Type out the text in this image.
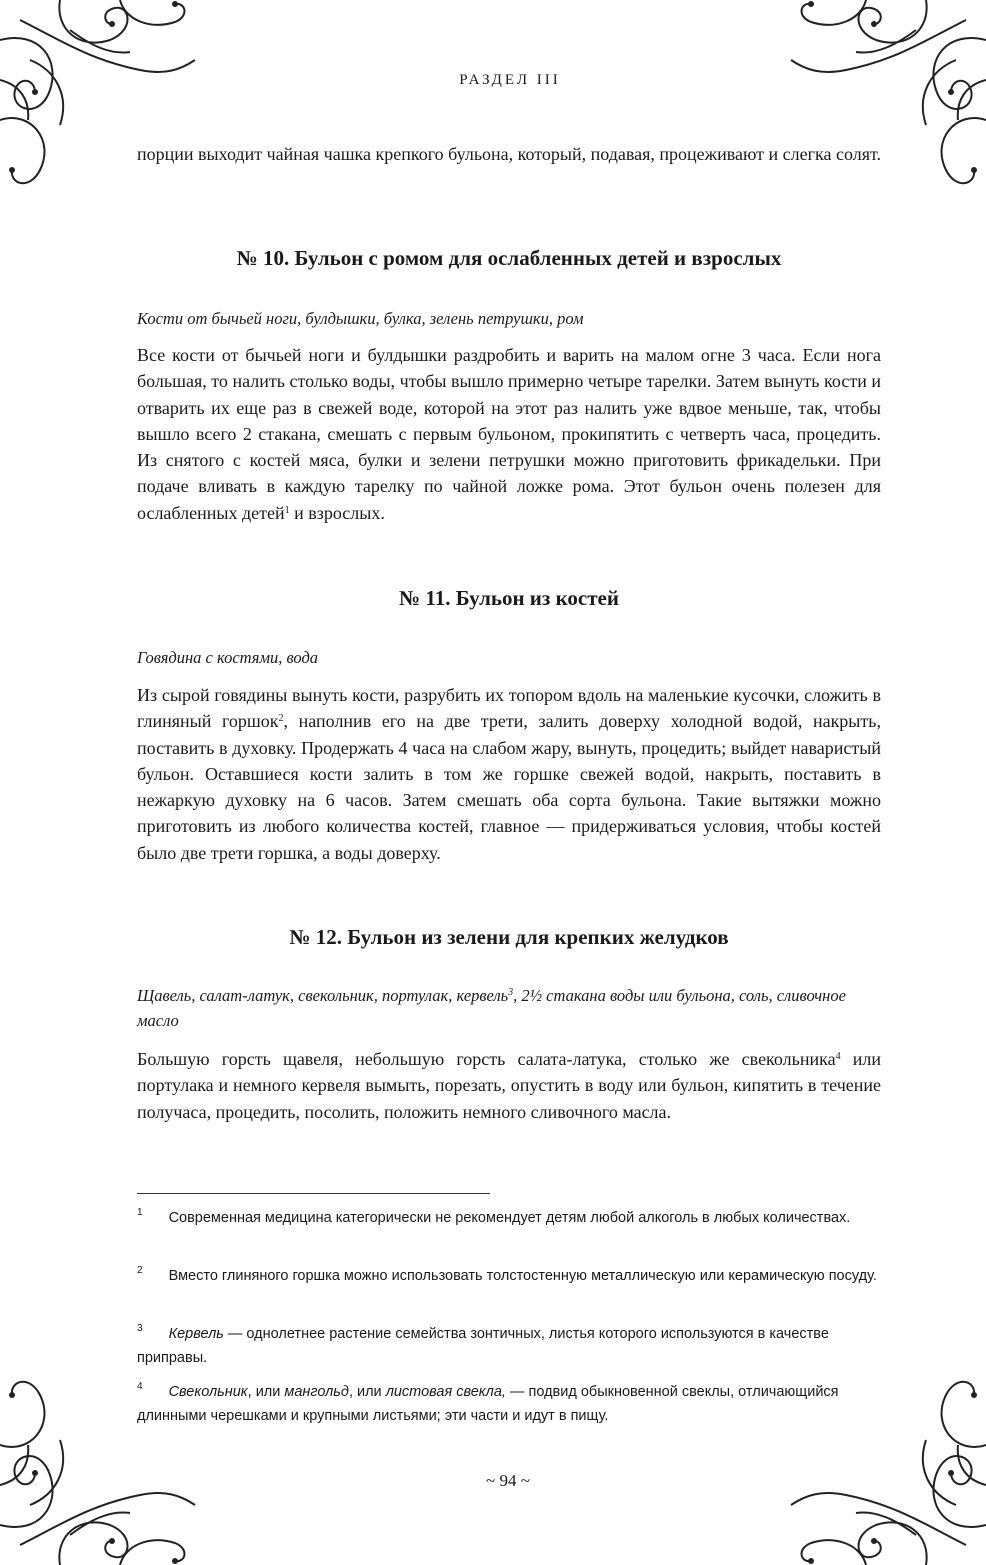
РАЗДЕЛ III

порции выходит чайная чашка крепкого бульона, который, подавая, процеживают и слегка солят.

№ 10. Бульон с ромом для ослабленных детей и взрослых

Кости от бычьей ноги, булдышки, булка, зелень петрушки, ром

Все кости от бычьей ноги и булдышки раздробить и варить на малом огне 3 часа. Если нога большая, то налить столько воды, чтобы вышло примерно четыре тарелки. Затем вынуть кости и отварить их еще раз в свежей воде, которой на этот раз налить уже вдвое меньше, так, чтобы вышло всего 2 стакана, смешать с первым бульоном, прокипятить с четверть часа, процедить. Из снятого с костей мяса, булки и зелени петрушки можно приготовить фрикадельки. При подаче вливать в каждую тарелку по чайной ложке рома. Этот бульон очень полезен для ослабленных детей$^1$ и взрослых.

№ 11. Бульон из костей

Говядина с костями, вода

Из сырой говядины вынуть кости, разрубить их топором вдоль на маленькие кусочки, сложить в глиняный горшок$^2$, наполнив его на две трети, залить доверху холодной водой, накрыть, поставить в духовку. Продержать 4 часа на слабом жару, вынуть, процедить; выйдет наваристый бульон. Оставшиеся кости залить в том же горшке свежей водой, накрыть, поставить в нежаркую духовку на 6 часов. Затем смешать оба сорта бульона. Такие вытяжки можно приготовить из любого количества костей, главное — придерживаться условия, чтобы костей было две трети горшка, а воды доверху.

№ 12. Бульон из зелени для крепких желудков

Щавель, салат-латук, свекольник, портулак, кервель$^3$, 2½ стакана воды или бульона, соль, сливочное масло

Большую горсть щавеля, небольшую горсть салата-латука, столько же свекольника$^4$ или портулака и немного кервеля вымыть, порезать, опустить в воду или бульон, кипятить в течение получаса, процедить, посолить, положить немного сливочного масла.

$^1$ Современная медицина категорически не рекомендует детям любой алкоголь в любых количествах.
$^2$ Вместо глиняного горшка можно использовать толстостенную металлическую или керамическую посуду.
$^3$ Кервель — однолетнее растение семейства зонтичных, листья которого используются в качестве приправы.
$^4$ Свекольник, или мангольд, или листовая свекла, — подвид обыкновенной свеклы, отличающийся длинными черешками и крупными листьями; эти части и идут в пищу.
~ 94 ~
